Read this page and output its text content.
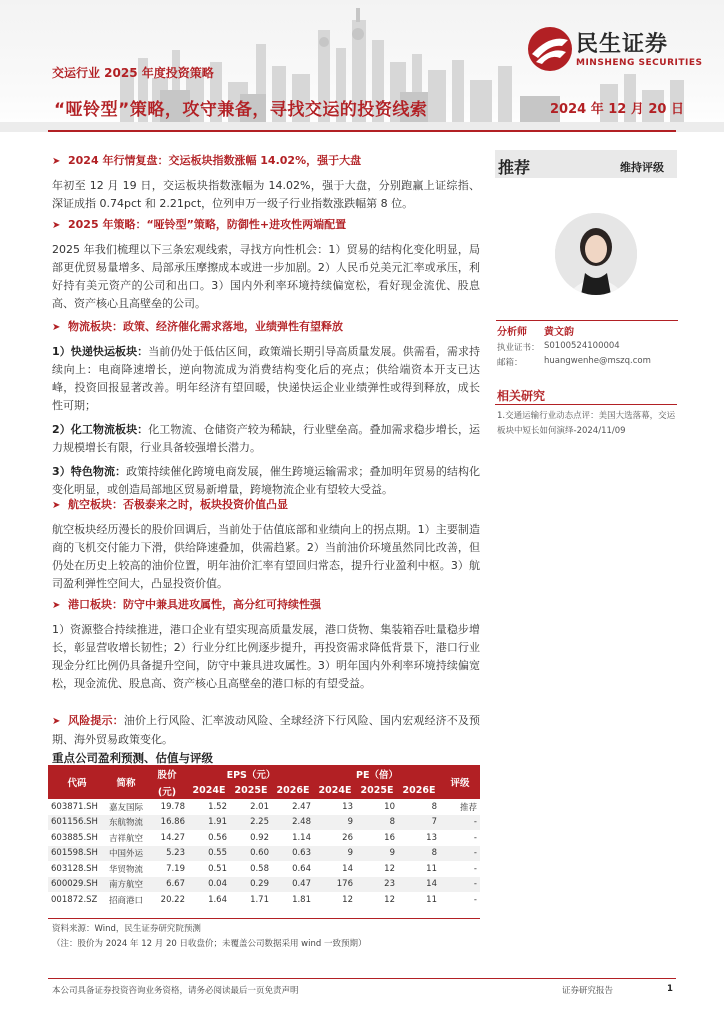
民生证券
MINSHENG SECURITIES
交运行业 2025 年度投资策略
“哑铃型”策略，攻守兼备，寻找交运的投资线索	2024 年 12 月 20 日
➤ 2024 年行情复盘：交运板块指数涨幅 14.02%，强于大盘
年初至 12 月 19 日，交运板块指数涨幅为 14.02%，强于大盘，分别跑赢上证综指、深证成指 0.74pct 和 2.21pct，位列申万一级子行业指数涨跌幅第 8 位。
➤ 2025 年策略：“哑铃型”策略，防御性+进攻性两端配置
2025 年我们梳理以下三条宏观线索，寻找方向性机会：1）贸易的结构化变化明显，局部更优贸易量增多、局部承压摩擦成本或进一步加剧。2）人民币兑美元汇率或承压，利好持有美元资产的公司和出口。3）国内外利率环境持续偏宽松，看好现金流优、股息高、资产核心且高壁垒的公司。
➤ 物流板块：政策、经济催化需求落地，业绩弹性有望释放
1）快递快运板块：当前仍处于低估区间，政策端长期引导高质量发展。供需看，需求持续向上：电商降速增长，逆向物流成为消费结构变化后的亮点；供给端资本开支已达峰，投资回报显著改善。明年经济有望回暖，快递快运企业业绩弹性或得到释放，成长性可期；
2）化工物流板块：化工物流、仓储资产较为稀缺，行业壁垒高。叠加需求稳步增长，运力规模增长有限，行业具备较强增长潜力。
3）特色物流：政策持续催化跨境电商发展，催生跨境运输需求；叠加明年贸易的结构化变化明显，或创造局部地区贸易新增量，跨境物流企业有望较大受益。
➤ 航空板块：否极泰来之时，板块投资价值凸显
航空板块经历漫长的股价回调后，当前处于估值底部和业绩向上的拐点期。1）主要制造商的飞机交付能力下滑，供给降速叠加，供需趋紧。2）当前油价环境虽然同比改善，但仍处在历史上较高的油价位置，明年油价汇率有望回归常态，提升行业盈利中枢。3）航司盈利弹性空间大，凸显投资价值。
➤ 港口板块：防守中兼具进攻属性，高分红可持续性强
1）资源整合持续推进，港口企业有望实现高质量发展，港口货物、集装箱吞吐量稳步增长，彰显营收增长韧性；2）行业分红比例逐步提升，再投资需求降低背景下，港口行业现金分红比例仍具备提升空间，防守中兼具进攻属性。3）明年国内外利率环境持续偏宽松，现金流优、股息高、资产核心且高壁垒的港口标的有望受益。
➤ 风险提示：油价上行风险、汇率波动风险、全球经济下行风险、国内宏观经济不及预期、海外贸易政策变化。
推荐	维持评级
分析师 黄文韵
执业证书： S0100524100004
邮箱：	huangwenhe@mszq.com
相关研究
1.交通运输行业动态点评：美国大选落幕，交运板块中短长如何演绎-2024/11/09
重点公司盈利预测、估值与评级
代码	简称	股价	EPS（元）			PE（倍）			评级
		(元)	2024E	2025E	2026E	2024E	2025E	2026E	
603871.SH	嘉友国际	19.78	1.52	2.01	2.47	13	10	8	推荐
601156.SH	东航物流	16.86	1.91	2.25	2.48	9	8	7	-
603885.SH	吉祥航空	14.27	0.56	0.92	1.14	26	16	13	-
601598.SH	中国外运	5.23	0.55	0.60	0.63	9	9	8	-
603128.SH	华贸物流	7.19	0.51	0.58	0.64	14	12	11	-
600029.SH	南方航空	6.67	0.04	0.29	0.47	176	23	14	-
001872.SZ	招商港口	20.22	1.64	1.71	1.81	12	12	11	-
资料来源：Wind，民生证券研究院预测
（注：股价为 2024 年 12 月 20 日收盘价；未覆盖公司数据采用 wind 一致预期）
本公司具备证券投资咨询业务资格，请务必阅读最后一页免责声明	证券研究报告	1
